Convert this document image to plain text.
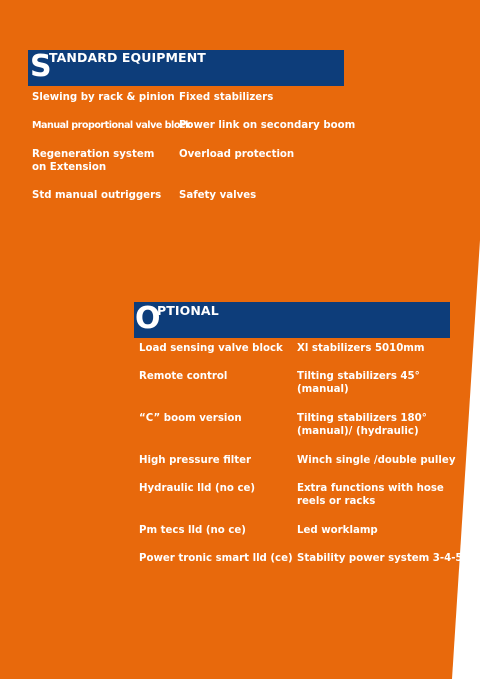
S
TANDARD EQUIPMENT
Slewing by rack & pinion
Manual proportional valve block
Regeneration system on Extension
Std manual outriggers
Fixed stabilizers
Power link on secondary boom
Overload protection
Safety valves
O
PTIONAL
Load sensing valve block
Remote control
“C” boom version
High pressure filter
Hydraulic lld (no ce)
Pm tecs lld (no ce)
Power tronic smart lld (ce)
Xl stabilizers 5010mm
Tilting stabilizers 45° (manual)
Tilting stabilizers 180° (manual)/ (hydraulic)
Winch single /double pulley
Extra functions with hose reels or racks
Led worklamp
Stability power system 3-4-5
